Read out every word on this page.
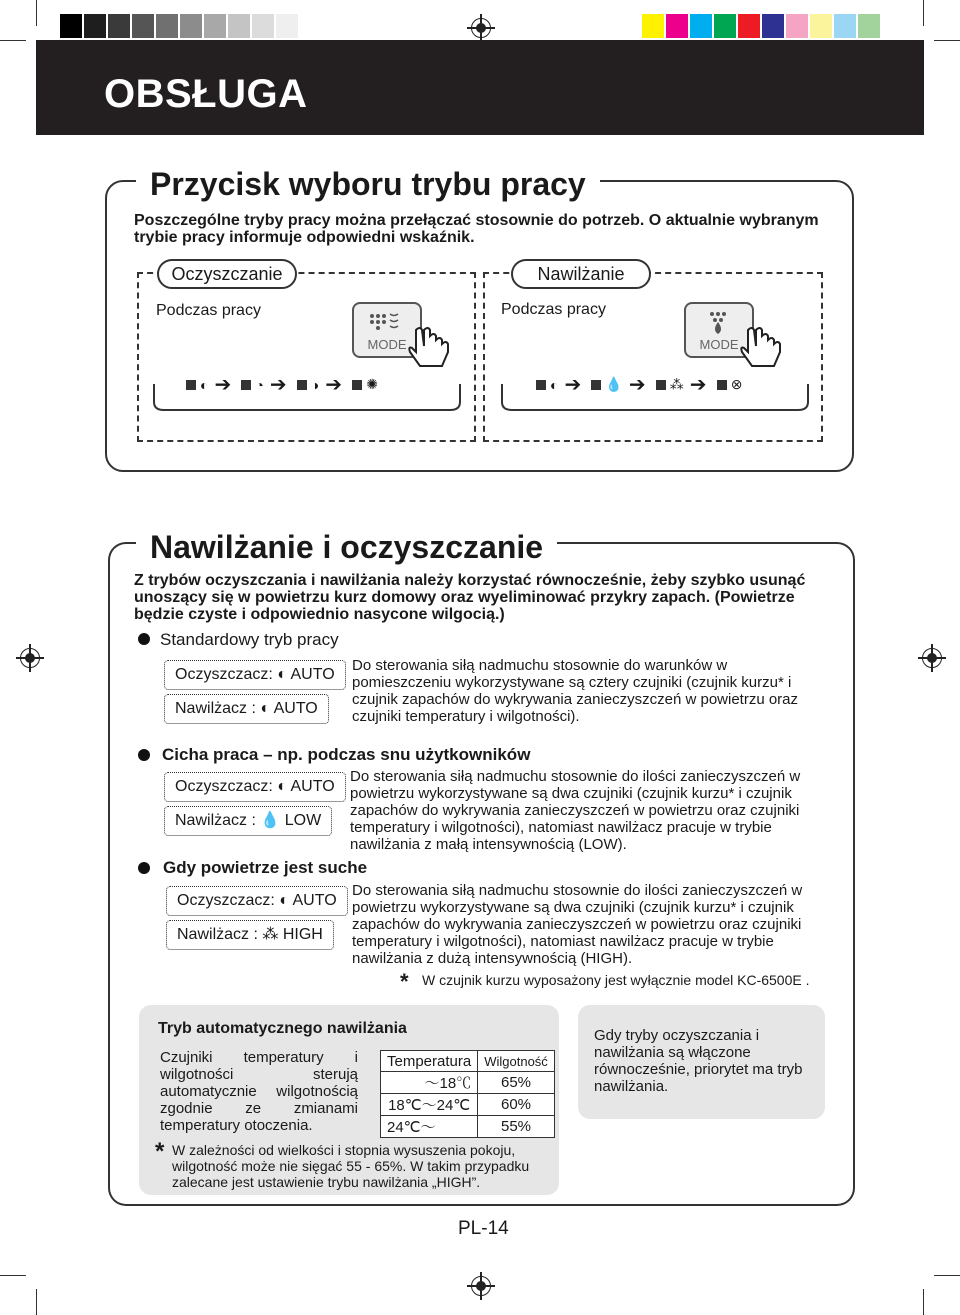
OBSŁUGA
Przycisk wyboru trybu pracy
Poszczególne tryby pracy można przełączać stosownie do potrzeb. O aktualnie wybranym trybie pracy informuje odpowiedni wskaźnik.
Oczyszczanie
Podczas pracy
MODE
◐ ➔ ◔ ➔ ◑ ➔ ✺
Nawilżanie
Podczas pracy
MODE
◐ ➔ 💧 ➔ ⁂ ➔ ⊗
Nawilżanie i oczyszczanie
Z trybów oczyszczania i nawilżania należy korzystać równocześnie, żeby szybko usunąć unoszący się w powietrzu kurz domowy oraz wyeliminować przykry zapach. (Powietrze będzie czyste i odpowiednio nasycone wilgocią.)
Standardowy tryb pracy
Oczyszczacz: ◐ AUTO
Nawilżacz : ◐ AUTO
Do sterowania siłą nadmuchu stosownie do warunków w pomieszczeniu wykorzystywane są cztery czujniki (czujnik kurzu* i czujnik zapachów do wykrywania zanieczyszczeń w powietrzu oraz czujniki temperatury i wilgotności).
Cicha praca – np. podczas snu użytkowników
Oczyszczacz: ◐ AUTO
Nawilżacz : 💧 LOW
Do sterowania siłą nadmuchu stosownie do ilości zanieczyszczeń w powietrzu wykorzystywane są dwa czujniki (czujnik kurzu* i czujnik zapachów do wykrywania zanieczyszczeń w powietrzu oraz czujniki temperatury i wilgotności), natomiast nawilżacz pracuje w trybie nawilżania z małą intensywnością (LOW).
Gdy powietrze jest suche
Oczyszczacz: ◐ AUTO
Nawilżacz : ⁂ HIGH
Do sterowania siłą nadmuchu stosownie do ilości zanieczyszczeń w powietrzu wykorzystywane są dwa czujniki (czujnik kurzu* i czujnik zapachów do wykrywania zanieczyszczeń w powietrzu oraz czujniki temperatury i wilgotności), natomiast nawilżacz pracuje w trybie nawilżania z dużą intensywnością (HIGH).
* W czujnik kurzu wyposażony jest wyłącznie model KC-6500E .
Tryb automatycznego nawilżania
Czujniki temperatury i wilgotności sterują automatycznie wilgotnością zgodnie ze zmianami temperatury otoczenia.
Temperatura	Wilgotność
～18℃	65%
18℃～24℃	60%
24℃～	55%
* W zależności od wielkości i stopnia wysuszenia pokoju, wilgotność może nie sięgać 55 - 65%. W takim przypadku zalecane jest ustawienie trybu nawilżania „HIGH”.
Gdy tryby oczyszczania i nawilżania są włączone równocześnie, priorytet ma tryb nawilżania.
PL-14
